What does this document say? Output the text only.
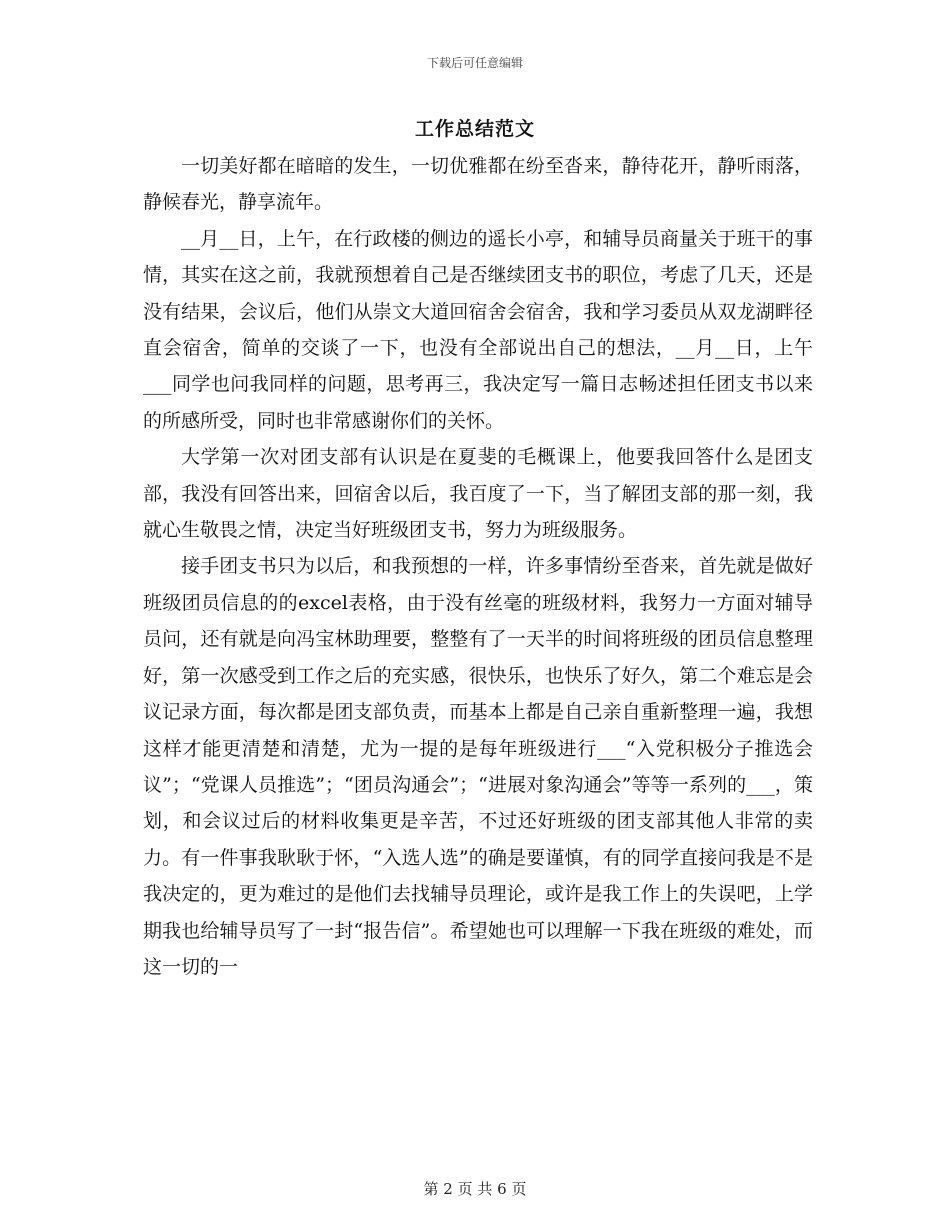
下载后可任意编辑
工作总结范文

一切美好都在暗暗的发生，一切优雅都在纷至沓来，静待花开，静听雨落，静候春光，静享流年。

__月__日，上午，在行政楼的侧边的遥长小亭，和辅导员商量关于班干的事情，其实在这之前，我就预想着自己是否继续团支书的职位，考虑了几天，还是没有结果，会议后，他们从崇文大道回宿舍会宿舍，我和学习委员从双龙湖畔径直会宿舍，简单的交谈了一下，也没有全部说出自己的想法，__月__日，上午___同学也问我同样的问题，思考再三，我决定写一篇日志畅述担任团支书以来的所感所受，同时也非常感谢你们的关怀。

大学第一次对团支部有认识是在夏斐的毛概课上，他要我回答什么是团支部，我没有回答出来，回宿舍以后，我百度了一下，当了解团支部的那一刻，我就心生敬畏之情，决定当好班级团支书，努力为班级服务。

接手团支书只为以后，和我预想的一样，许多事情纷至沓来，首先就是做好班级团员信息的的excel表格，由于没有丝毫的班级材料，我努力一方面对辅导员问，还有就是向冯宝林助理要，整整有了一天半的时间将班级的团员信息整理好，第一次感受到工作之后的充实感，很快乐，也快乐了好久，第二个难忘是会议记录方面，每次都是团支部负责，而基本上都是自己亲自重新整理一遍，我想这样才能更清楚和清楚，尤为一提的是每年班级进行___“入党积极分子推选会议”；“党课人员推选”；“团员沟通会”；“进展对象沟通会”等等一系列的___，策划，和会议过后的材料收集更是辛苦，不过还好班级的团支部其他人非常的卖力。有一件事我耿耿于怀，“入选人选”的确是要谨慎，有的同学直接问我是不是我决定的，更为难过的是他们去找辅导员理论，或许是我工作上的失误吧，上学期我也给辅导员写了一封“报告信”。希望她也可以理解一下我在班级的难处，而这一切的一

第 2 页 共 6 页
